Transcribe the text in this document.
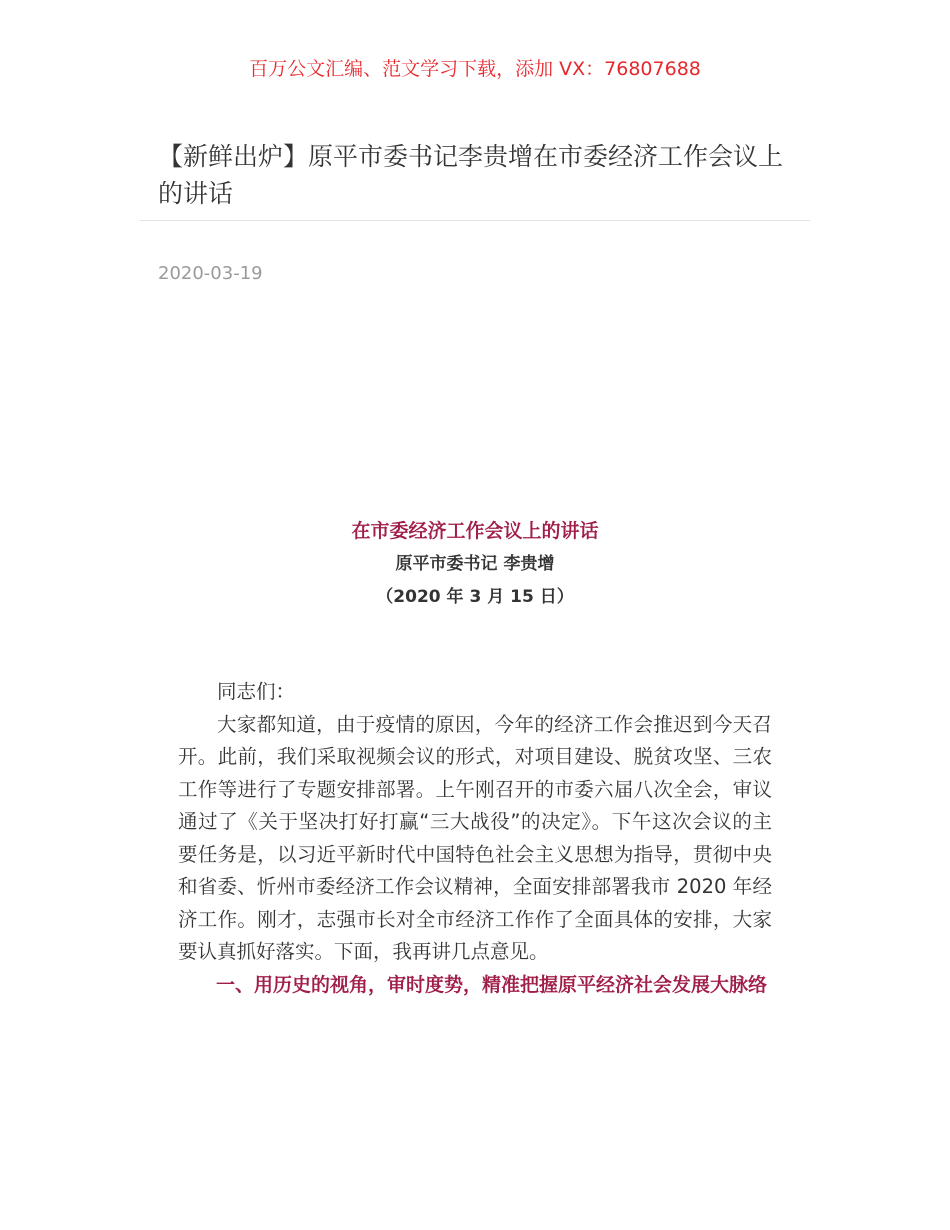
百万公文汇编、范文学习下载，添加 VX：76807688
【新鲜出炉】原平市委书记李贵增在市委经济工作会议上的讲话
2020-03-19
在市委经济工作会议上的讲话
原平市委书记 李贵增
（2020 年 3 月 15 日）

同志们：

大家都知道，由于疫情的原因，今年的经济工作会推迟到今天召开。此前，我们采取视频会议的形式，对项目建设、脱贫攻坚、三农工作等进行了专题安排部署。上午刚召开的市委六届八次全会，审议通过了《关于坚决打好打赢“三大战役”的决定》。下午这次会议的主要任务是，以习近平新时代中国特色社会主义思想为指导，贯彻中央和省委、忻州市委经济工作会议精神，全面安排部署我市 2020 年经济工作。刚才，志强市长对全市经济工作作了全面具体的安排，大家要认真抓好落实。下面，我再讲几点意见。

一、用历史的视角，审时度势，精准把握原平经济社会发展大脉络
